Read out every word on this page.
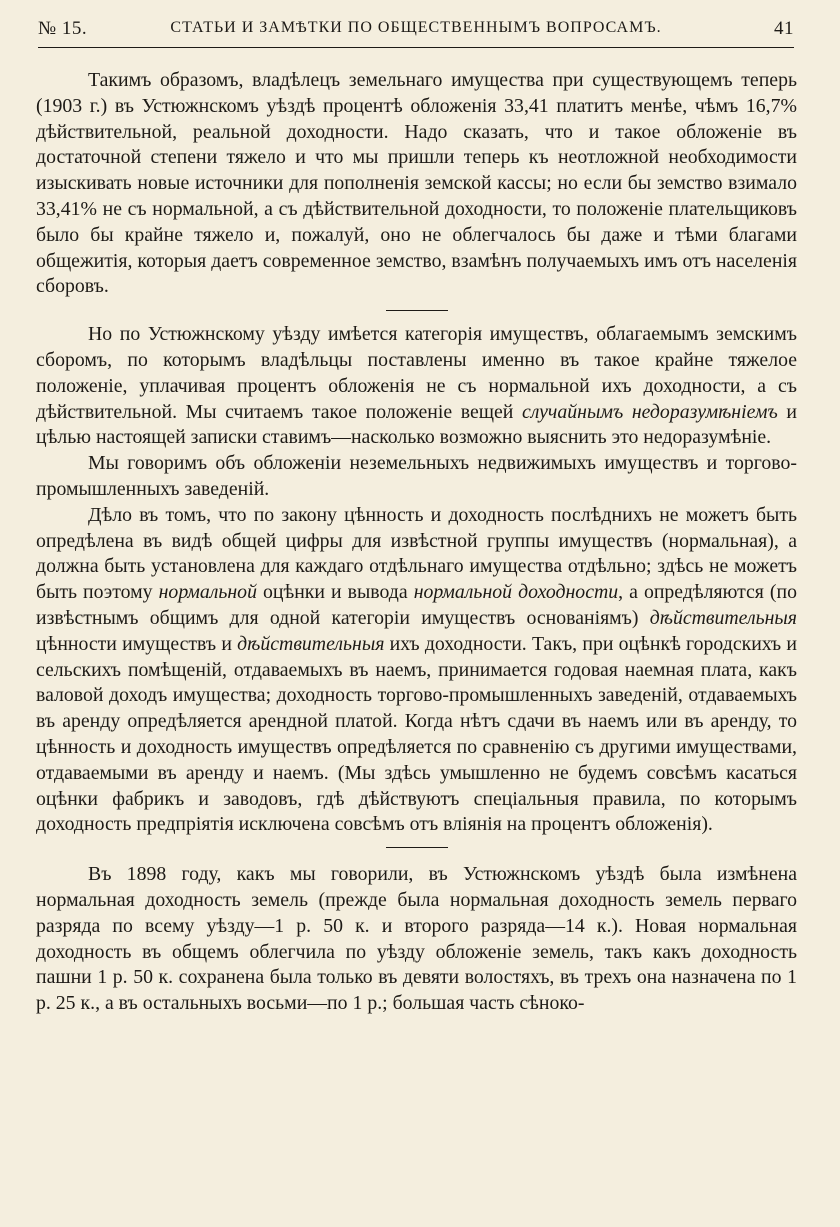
№ 15.	СТАТЬИ И ЗАМѢТКИ ПО ОБЩЕСТВЕННЫМЪ ВОПРОСАМЪ.	41

Такимъ образомъ, владѣлецъ земельнаго имущества при существующемъ теперь (1903 г.) въ Устюжнскомъ уѣздѣ процентѣ обложенія 33,41 платитъ менѣе, чѣмъ 16,7% дѣйствительной, реальной доходности. Надо сказать, что и такое обложеніе въ достаточной степени тяжело и что мы пришли теперь къ неотложной необходимости изыскивать новые источники для пополненія земской кассы; но если бы земство взимало 33,41% не съ нормальной, а съ дѣйствительной доходности, то положеніе плательщиковъ было бы крайне тяжело и, пожалуй, оно не облегчалось бы даже и тѣми благами общежитія, которыя даетъ современное земство, взамѣнъ получаемыхъ имъ отъ населенія сборовъ.

Но по Устюжнскому уѣзду имѣется категорія имуществъ, облагаемымъ земскимъ сборомъ, по которымъ владѣльцы поставлены именно въ такое крайне тяжелое положеніе, уплачивая процентъ обложенія не съ нормальной ихъ доходности, а съ дѣйствительной. Мы считаемъ такое положеніе вещей случайнымъ недоразумѣніемъ и цѣлью настоящей записки ставимъ—насколько возможно выяснить это недоразумѣніе.

Мы говоримъ объ обложеніи неземельныхъ недвижимыхъ имуществъ и торгово-промышленныхъ заведеній.

Дѣло въ томъ, что по закону цѣнность и доходность послѣднихъ не можетъ быть опредѣлена въ видѣ общей цифры для извѣстной группы имуществъ (нормальная), а должна быть установлена для каждаго отдѣльнаго имущества отдѣльно; здѣсь не можетъ быть поэтому нормальной оцѣнки и вывода нормальной доходности, а опредѣляются (по извѣстнымъ общимъ для одной категоріи имуществъ основаніямъ) дѣйствительныя цѣнности имуществъ и дѣйствительныя ихъ доходности. Такъ, при оцѣнкѣ городскихъ и сельскихъ помѣщеній, отдаваемыхъ въ наемъ, принимается годовая наемная плата, какъ валовой доходъ имущества; доходность торгово-промышленныхъ заведеній, отдаваемыхъ въ аренду опредѣляется арендной платой. Когда нѣтъ сдачи въ наемъ или въ аренду, то цѣнность и доходность имуществъ опредѣляется по сравненію съ другими имуществами, отдаваемыми въ аренду и наемъ. (Мы здѣсь умышленно не будемъ совсѣмъ касаться оцѣнки фабрикъ и заводовъ, гдѣ дѣйствуютъ спеціальныя правила, по которымъ доходность предпріятія исключена совсѣмъ отъ вліянія на процентъ обложенія).

Въ 1898 году, какъ мы говорили, въ Устюжнскомъ уѣздѣ была измѣнена нормальная доходность земель (прежде была нормальная доходность земель перваго разряда по всему уѣзду—1 р. 50 к. и второго разряда—14 к.). Новая нормальная доходность въ общемъ облегчила по уѣзду обложеніе земель, такъ какъ доходность пашни 1 р. 50 к. сохранена была только въ девяти волостяхъ, въ трехъ она назначена по 1 р. 25 к., а въ остальныхъ восьми—по 1 р.; большая часть сѣноко-
